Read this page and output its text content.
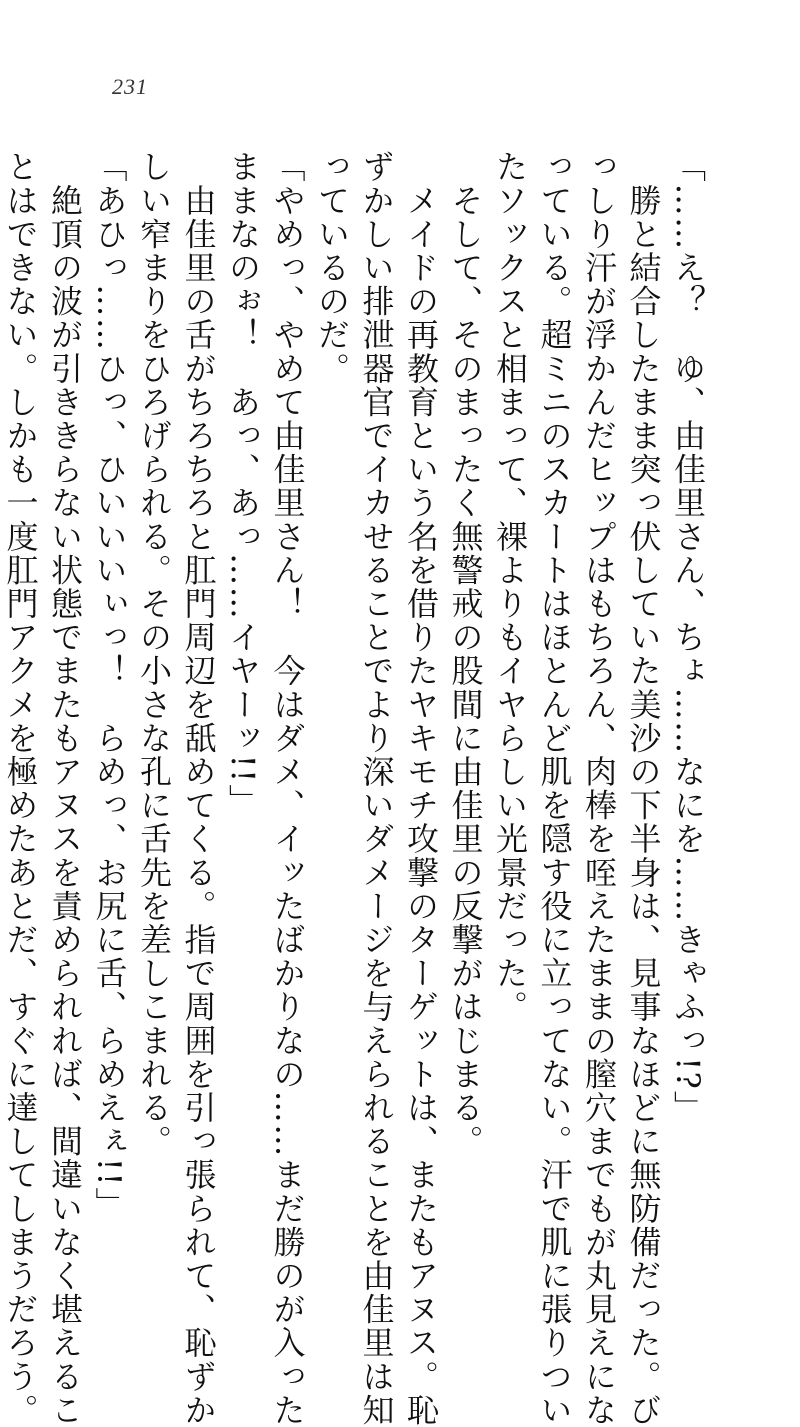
231

「……え？　ゆ、由佳里さん、ちょ……なにを……きゃふっ!?」

　勝と結合したまま突っ伏していた美沙の下半身は、見事なほどに無防備だった。び

っしり汗が浮かんだヒップはもちろん、肉棒を咥えたままの膣穴までもが丸見えにな

っている。超ミニのスカートはほとんど肌を隠す役に立ってない。汗で肌に張りつい

たソックスと相まって、裸よりもイヤらしい光景だった。

　そして、そのまったく無警戒の股間に由佳里の反撃がはじまる。

　メイドの再教育という名を借りたヤキモチ攻撃のターゲットは、またもアヌス。恥

ずかしい排泄器官でイカせることでより深いダメージを与えられることを由佳里は知

っているのだ。

「やめっ、やめて由佳里さん！　今はダメ、イッたばかりなの……まだ勝のが入った

ままなのぉ！　あっ、あっ……イヤーッ!!」

　由佳里の舌がちろちろと肛門周辺を舐めてくる。指で周囲を引っ張られて、恥ずか

しい窄まりをひろげられる。その小さな孔に舌先を差しこまれる。

「あひっ……ひっ、ひいいいぃっ！　らめっ、お尻に舌、らめえぇ!!」

　絶頂の波が引ききらない状態でまたもアヌスを責められれば、間違いなく堪えるこ

とはできない。しかも一度肛門アクメを極めたあとだ、すぐに達してしまうだろう。
